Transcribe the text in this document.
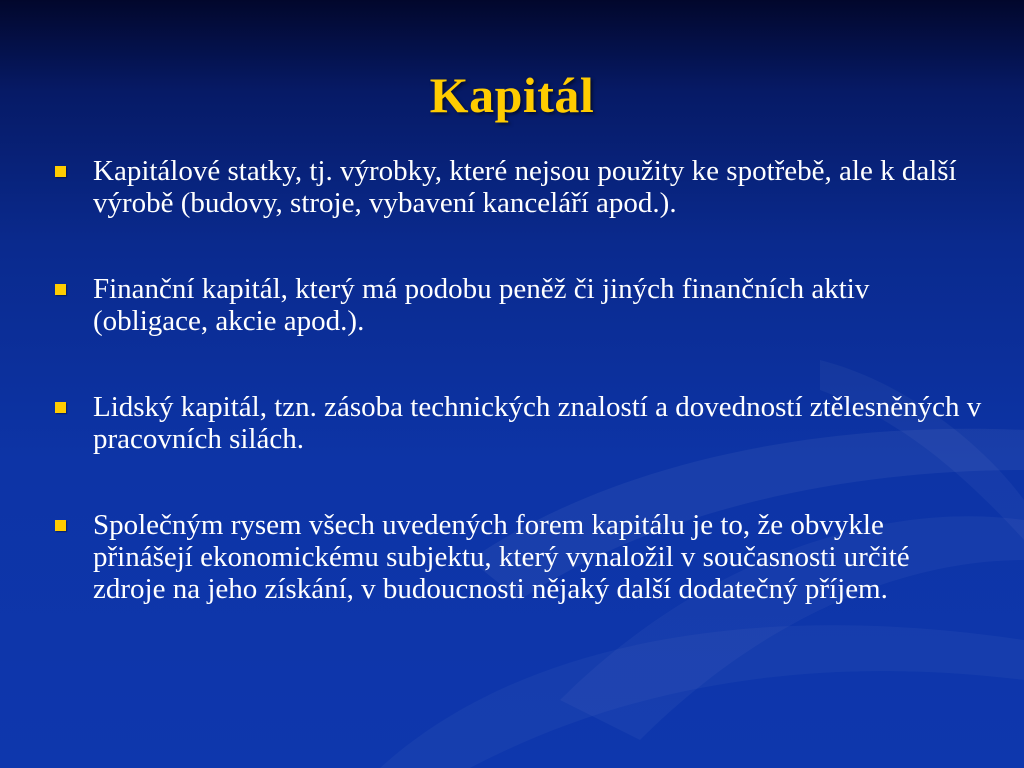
Kapitál
Kapitálové statky, tj. výrobky, které nejsou použity ke spotřebě, ale k další výrobě (budovy, stroje, vybavení kanceláří apod.).
Finanční kapitál, který má podobu peněž či jiných finančních aktiv (obligace, akcie apod.).
Lidský kapitál, tzn. zásoba technických znalostí a dovedností ztělesněných v pracovních silách.
Společným rysem všech uvedených forem kapitálu je to, že obvykle přinášejí ekonomickému subjektu, který vynaložil v současnosti určité zdroje na jeho získání, v budoucnosti nějaký další dodatečný příjem.
